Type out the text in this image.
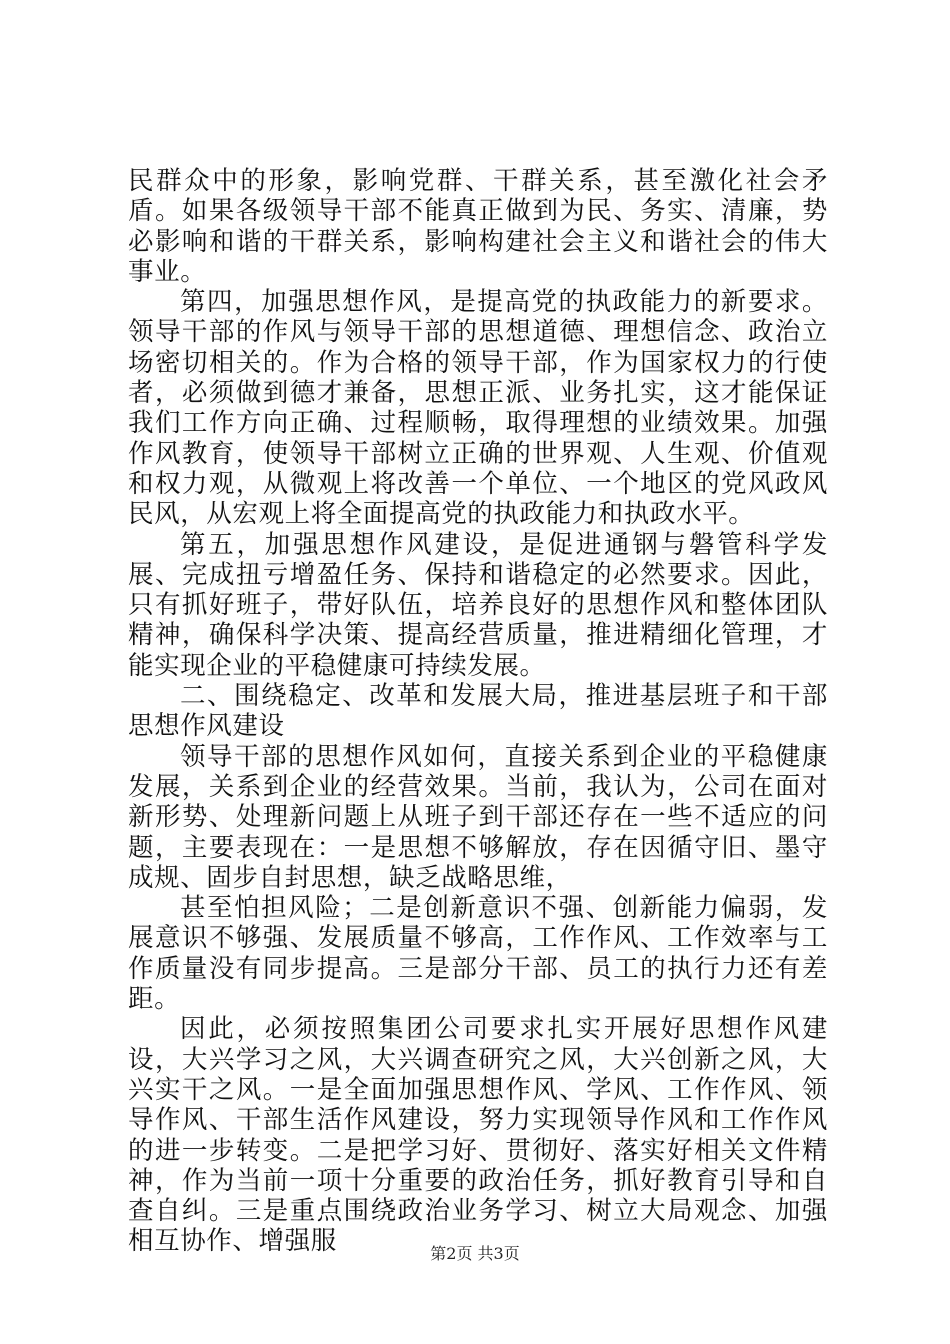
民群众中的形象，影响党群、干群关系，甚至激化社会矛盾。如果各级领导干部不能真正做到为民、务实、清廉，势必影响和谐的干群关系，影响构建社会主义和谐社会的伟大事业。

第四，加强思想作风，是提高党的执政能力的新要求。领导干部的作风与领导干部的思想道德、理想信念、政治立场密切相关的。作为合格的领导干部，作为国家权力的行使者，必须做到德才兼备，思想正派、业务扎实，这才能保证我们工作方向正确、过程顺畅，取得理想的业绩效果。加强作风教育，使领导干部树立正确的世界观、人生观、价值观和权力观，从微观上将改善一个单位、一个地区的党风政风民风，从宏观上将全面提高党的执政能力和执政水平。

第五，加强思想作风建设，是促进通钢与磐管科学发展、完成扭亏增盈任务、保持和谐稳定的必然要求。因此，只有抓好班子，带好队伍，培养良好的思想作风和整体团队精神，确保科学决策、提高经营质量，推进精细化管理，才能实现企业的平稳健康可持续发展。

二、围绕稳定、改革和发展大局，推进基层班子和干部思想作风建设

领导干部的思想作风如何，直接关系到企业的平稳健康发展，关系到企业的经营效果。当前，我认为，公司在面对新形势、处理新问题上从班子到干部还存在一些不适应的问题，主要表现在：一是思想不够解放，存在因循守旧、墨守成规、固步自封思想，缺乏战略思维，

甚至怕担风险；二是创新意识不强、创新能力偏弱，发展意识不够强、发展质量不够高，工作作风、工作效率与工作质量没有同步提高。三是部分干部、员工的执行力还有差距。

因此，必须按照集团公司要求扎实开展好思想作风建设，大兴学习之风，大兴调查研究之风，大兴创新之风，大兴实干之风。一是全面加强思想作风、学风、工作作风、领导作风、干部生活作风建设，努力实现领导作风和工作作风的进一步转变。二是把学习好、贯彻好、落实好相关文件精神，作为当前一项十分重要的政治任务，抓好教育引导和自查自纠。三是重点围绕政治业务学习、树立大局观念、加强相互协作、增强服	第2页 共3页
